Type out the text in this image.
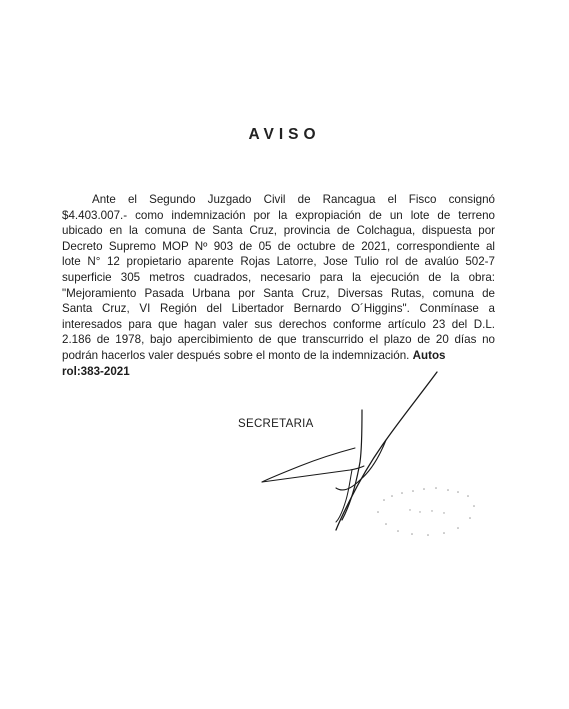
AVISO
Ante el Segundo Juzgado Civil de Rancagua el Fisco consignó
$4.403.007.- como indemnización por la expropiación de un lote de terreno
ubicado en la comuna de Santa Cruz, provincia de Colchagua, dispuesta por
Decreto Supremo MOP Nº 903 de 05 de octubre de 2021, correspondiente al
lote N° 12 propietario aparente Rojas Latorre, Jose Tulio rol de avalúo 502-7
superficie 305 metros cuadrados, necesario para la ejecución de la obra:
"Mejoramiento Pasada Urbana por Santa Cruz, Diversas Rutas, comuna de
Santa Cruz, VI Región del Libertador Bernardo O´Higgins". Conmínase a
interesados para que hagan valer sus derechos conforme artículo 23 del D.L.
2.186 de 1978, bajo apercibimiento de que transcurrido el plazo de 20 días no
podrán hacerlos valer después sobre el monto de la indemnización. Autos
rol:383-2021
SECRETARIA
